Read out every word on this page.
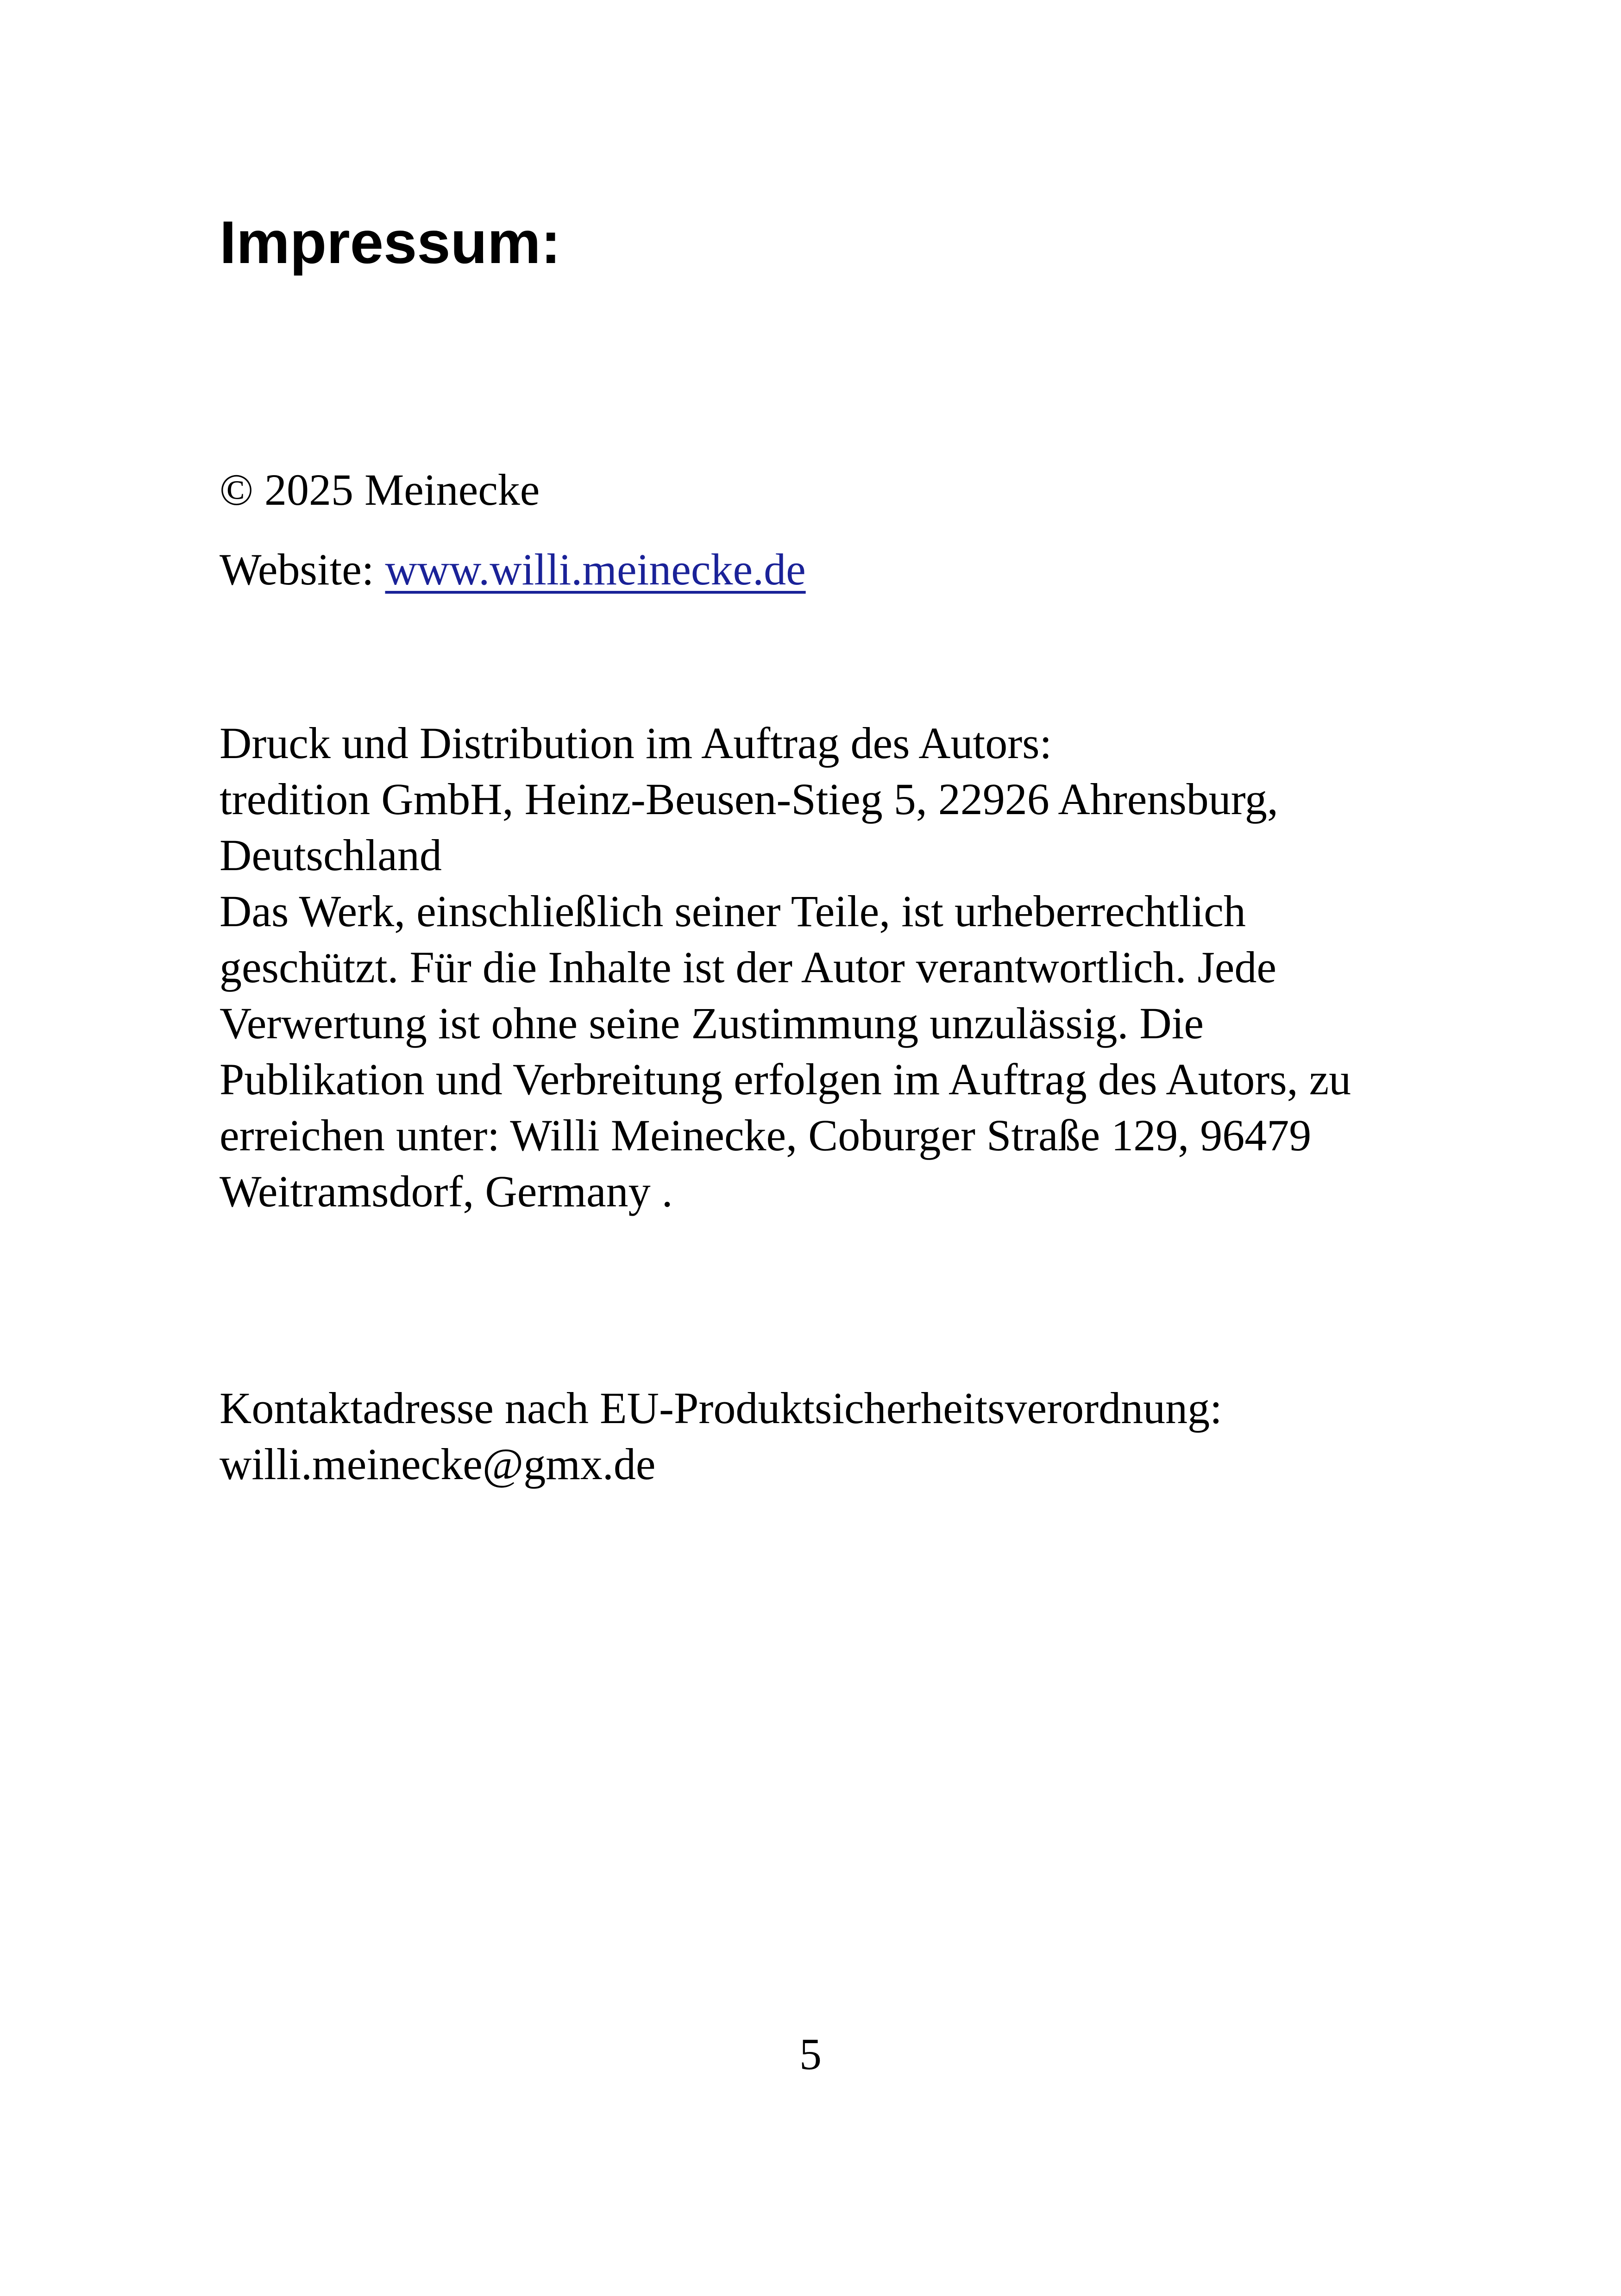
Impressum:

© 2025 Meinecke

Website: www.willi.meinecke.de

Druck und Distribution im Auftrag des Autors:
tredition GmbH, Heinz-Beusen-Stieg 5, 22926 Ahrensburg,
Deutschland
Das Werk, einschließlich seiner Teile, ist urheberrechtlich
geschützt. Für die Inhalte ist der Autor verantwortlich. Jede
Verwertung ist ohne seine Zustimmung unzulässig. Die
Publikation und Verbreitung erfolgen im Auftrag des Autors, zu
erreichen unter: Willi Meinecke, Coburger Straße 129, 96479
Weitramsdorf, Germany .
Kontaktadresse nach EU-Produktsicherheitsverordnung:
willi.meinecke@gmx.de

5
